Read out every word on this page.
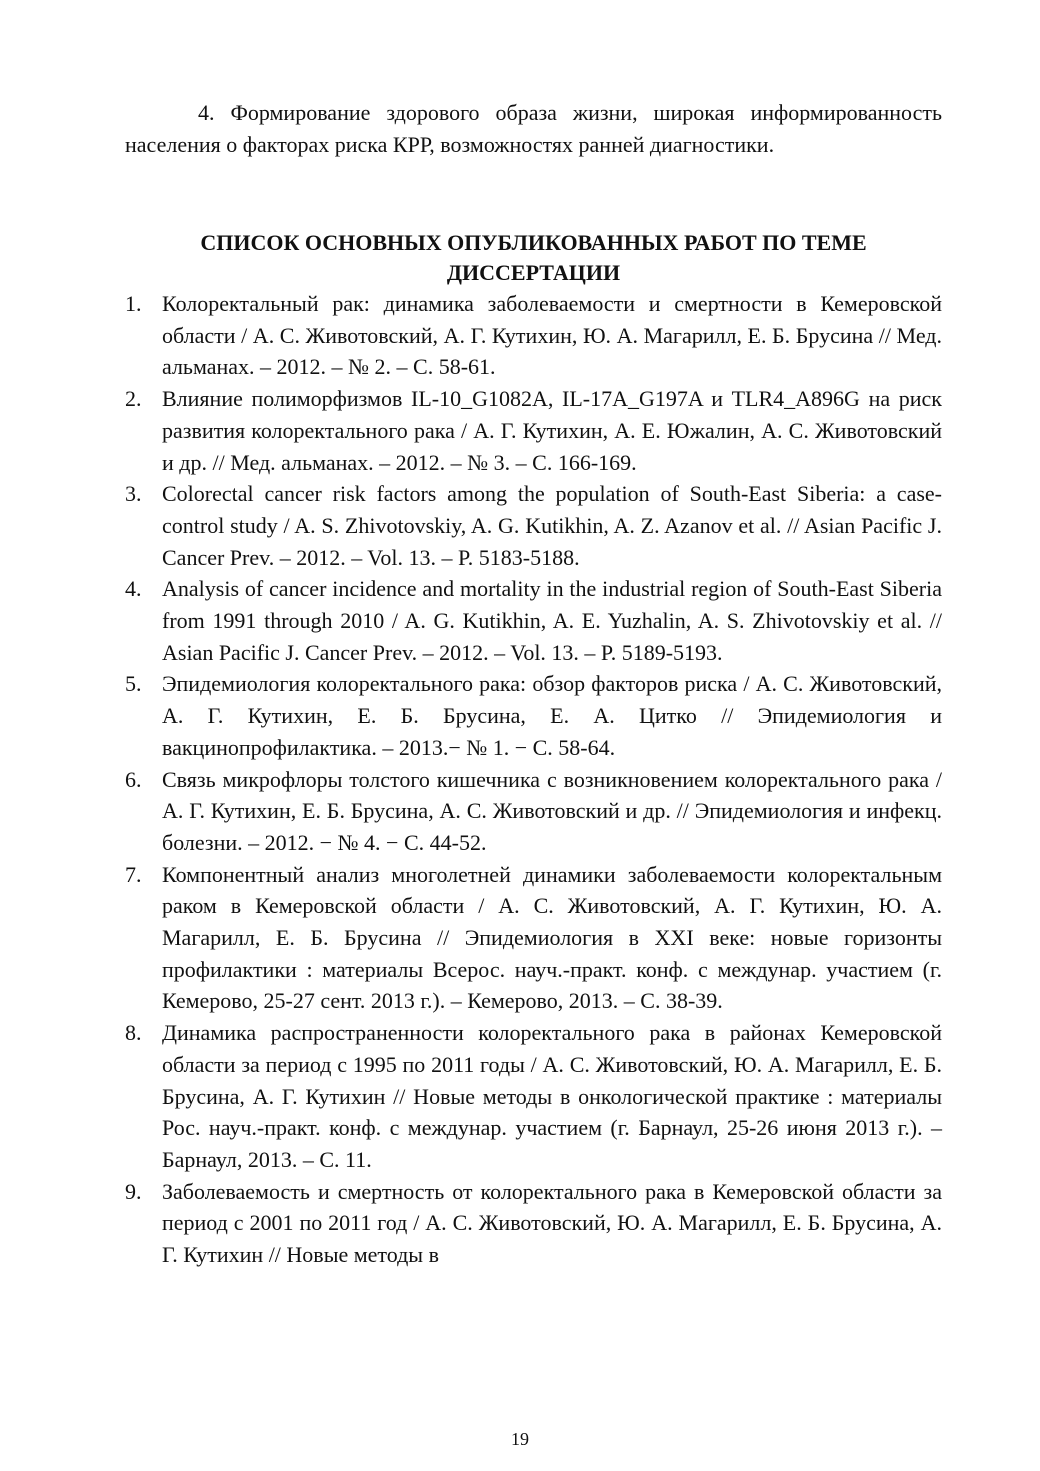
4. Формирование здорового образа жизни, широкая информированность населения о факторах риска КРР, возможностях ранней диагностики.

СПИСОК ОСНОВНЫХ ОПУБЛИКОВАННЫХ РАБОТ ПО ТЕМЕ
ДИССЕРТАЦИИ
1. Колоректальный рак: динамика заболеваемости и смертности в Кемеровской области / А. С. Животовский, А. Г. Кутихин, Ю. А. Магарилл, Е. Б. Брусина // Мед. альманах. – 2012. – № 2. – С. 58-61.
2. Влияние полиморфизмов IL-10_G1082A, IL-17A_G197A и TLR4_A896G на риск развития колоректального рака / А. Г. Кутихин, А. Е. Южалин, А. С. Животовский и др. // Мед. альманах. – 2012. – № 3. – С. 166-169.
3. Colorectal cancer risk factors among the population of South-East Siberia: a case-control study / A. S. Zhivotovskiy, A. G. Kutikhin, A. Z. Azanov et al. // Asian Pacific J. Cancer Prev. – 2012. – Vol. 13. – P. 5183-5188.
4. Analysis of cancer incidence and mortality in the industrial region of South-East Siberia from 1991 through 2010 / A. G. Kutikhin, A. E. Yuzhalin, A. S. Zhivotovskiy et al. // Asian Pacific J. Cancer Prev. – 2012. – Vol. 13. – P. 5189-5193.
5. Эпидемиология колоректального рака: обзор факторов риска / А. С. Животовский, А. Г. Кутихин, Е. Б. Брусина, Е. А. Цитко // Эпидемиология и вакцинопрофилактика. – 2013.− № 1. − С. 58-64.
6. Связь микрофлоры толстого кишечника с возникновением колоректального рака / А. Г. Кутихин, Е. Б. Брусина, А. С. Животовский и др. // Эпидемиология и инфекц. болезни. – 2012. − № 4. − С. 44-52.
7. Компонентный анализ многолетней динамики заболеваемости колоректальным раком в Кемеровской области / А. С. Животовский, А. Г. Кутихин, Ю. А. Магарилл, Е. Б. Брусина // Эпидемиология в XXI веке: новые горизонты профилактики : материалы Всерос. науч.-практ. конф. с междунар. участием (г. Кемерово, 25-27 сент. 2013 г.). – Кемерово, 2013. – С. 38-39.
8. Динамика распространенности колоректального рака в районах Кемеровской области за период с 1995 по 2011 годы / А. С. Животовский, Ю. А. Магарилл, Е. Б. Брусина, А. Г. Кутихин // Новые методы в онкологической практике : материалы Рос. науч.-практ. конф. с междунар. участием (г. Барнаул, 25-26 июня 2013 г.). – Барнаул, 2013. – С. 11.
9. Заболеваемость и смертность от колоректального рака в Кемеровской области за период с 2001 по 2011 год / А. С. Животовский, Ю. А. Магарилл, Е. Б. Брусина, А. Г. Кутихин // Новые методы в
19
